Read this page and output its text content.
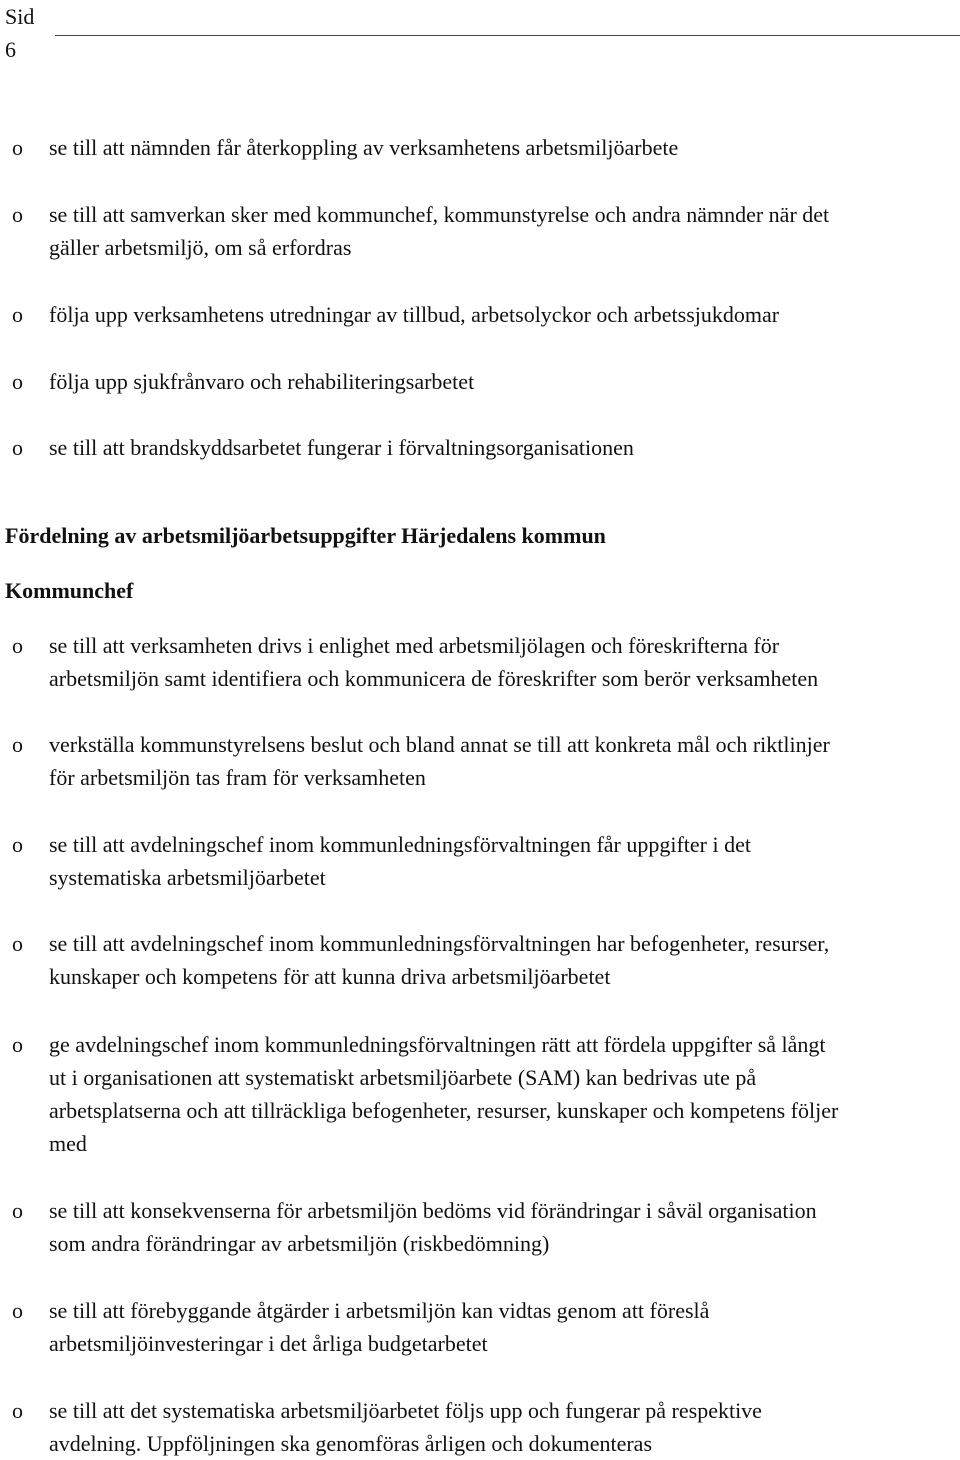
Sid
6
o se till att nämnden får återkoppling av verksamhetens arbetsmiljöarbete
o se till att samverkan sker med kommunchef, kommunstyrelse och andra nämnder när det
gäller arbetsmiljö, om så erfordras
o följa upp verksamhetens utredningar av tillbud, arbetsolyckor och arbetssjukdomar
o följa upp sjukfrånvaro och rehabiliteringsarbetet
o se till att brandskyddsarbetet fungerar i förvaltningsorganisationen
Fördelning av arbetsmiljöarbetsuppgifter Härjedalens kommun
Kommunchef
o se till att verksamheten drivs i enlighet med arbetsmiljölagen och föreskrifterna för
arbetsmiljön samt identifiera och kommunicera de föreskrifter som berör verksamheten
o verkställa kommunstyrelsens beslut och bland annat se till att konkreta mål och riktlinjer
för arbetsmiljön tas fram för verksamheten
o se till att avdelningschef inom kommunledningsförvaltningen får uppgifter i det
systematiska arbetsmiljöarbetet
o se till att avdelningschef inom kommunledningsförvaltningen har befogenheter, resurser,
kunskaper och kompetens för att kunna driva arbetsmiljöarbetet
o ge avdelningschef inom kommunledningsförvaltningen rätt att fördela uppgifter så långt
ut i organisationen att systematiskt arbetsmiljöarbete (SAM) kan bedrivas ute på
arbetsplatserna och att tillräckliga befogenheter, resurser, kunskaper och kompetens följer
med
o se till att konsekvenserna för arbetsmiljön bedöms vid förändringar i såväl organisation
som andra förändringar av arbetsmiljön (riskbedömning)
o se till att förebyggande åtgärder i arbetsmiljön kan vidtas genom att föreslå
arbetsmiljöinvesteringar i det årliga budgetarbetet
o se till att det systematiska arbetsmiljöarbetet följs upp och fungerar på respektive
avdelning. Uppföljningen ska genomföras årligen och dokumenteras
